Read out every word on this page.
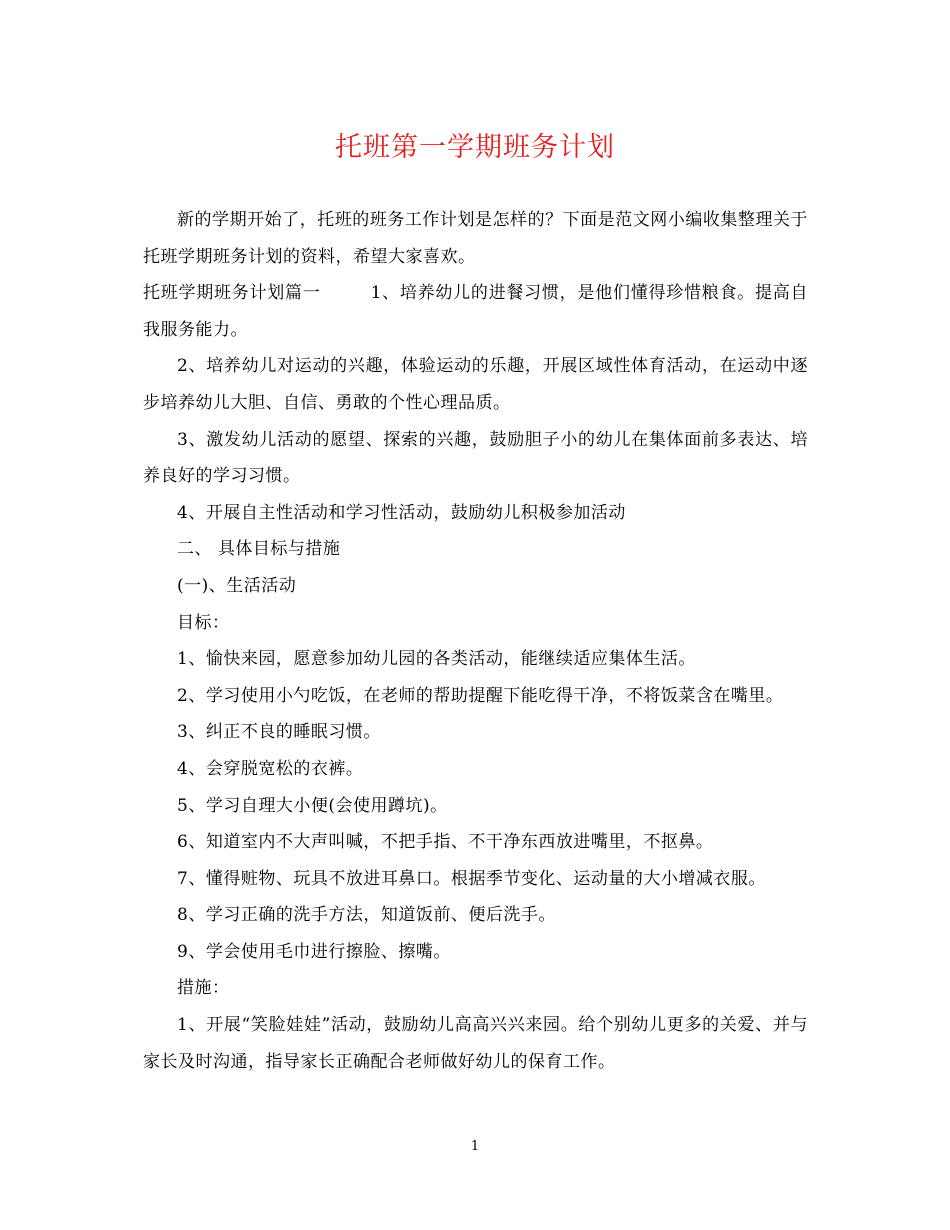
托班第一学期班务计划

新的学期开始了，托班的班务工作计划是怎样的？下面是范文网小编收集整理关于托班学期班务计划的资料，希望大家喜欢。

托班学期班务计划篇一	1、培养幼儿的进餐习惯，是他们懂得珍惜粮食。提高自我服务能力。

2、培养幼儿对运动的兴趣，体验运动的乐趣，开展区域性体育活动，在运动中逐步培养幼儿大胆、自信、勇敢的个性心理品质。

3、激发幼儿活动的愿望、探索的兴趣，鼓励胆子小的幼儿在集体面前多表达、培养良好的学习习惯。

4、开展自主性活动和学习性活动，鼓励幼儿积极参加活动

二、 具体目标与措施

(一)、生活活动

目标：

1、愉快来园，愿意参加幼儿园的各类活动，能继续适应集体生活。

2、学习使用小勺吃饭，在老师的帮助提醒下能吃得干净，不将饭菜含在嘴里。

3、纠正不良的睡眠习惯。

4、会穿脱宽松的衣裤。

5、学习自理大小便(会使用蹲坑)。

6、知道室内不大声叫喊，不把手指、不干净东西放进嘴里，不抠鼻。

7、懂得赃物、玩具不放进耳鼻口。根据季节变化、运动量的大小增减衣服。

8、学习正确的洗手方法，知道饭前、便后洗手。

9、学会使用毛巾进行擦脸、擦嘴。

措施：

1、开展“笑脸娃娃”活动，鼓励幼儿高高兴兴来园。给个别幼儿更多的关爱、并与家长及时沟通，指导家长正确配合老师做好幼儿的保育工作。

1
